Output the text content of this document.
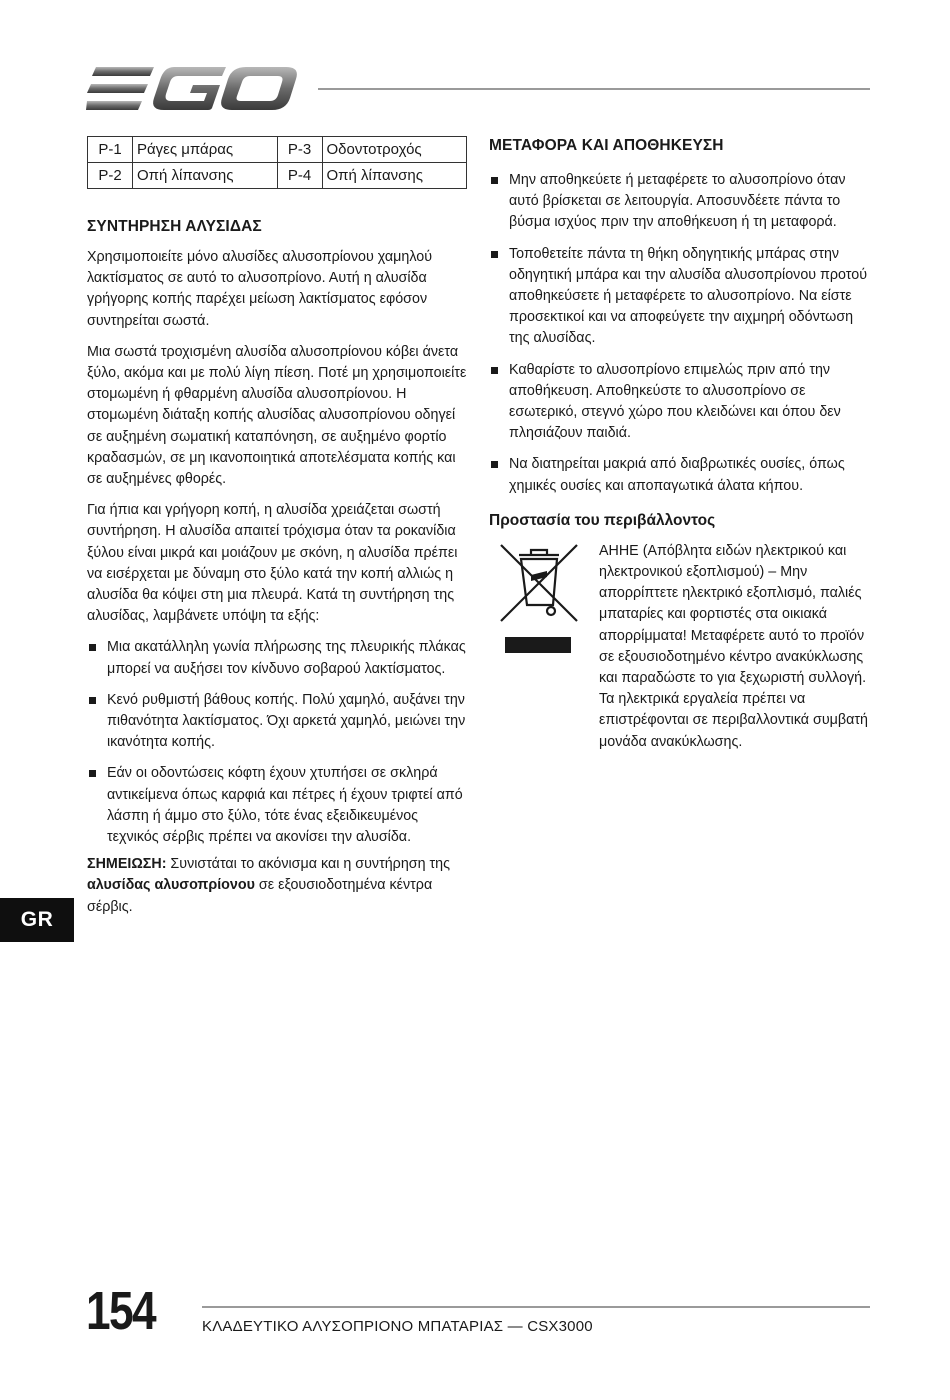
P-1	Ράγες μπάρας	P-3	Οδοντοτροχός
P-2	Οπή λίπανσης	P-4	Οπή λίπανσης
ΣΥΝΤΗΡΗΣΗ ΑΛΥΣΙΔΑΣ

Χρησιμοποιείτε μόνο αλυσίδες αλυσοπρίονου χαμηλού λακτίσματος σε αυτό το αλυσοπρίονο. Αυτή η αλυσίδα γρήγορης κοπής παρέχει μείωση λακτίσματος εφόσον συντηρείται σωστά.

Μια σωστά τροχισμένη αλυσίδα αλυσοπρίονου κόβει άνετα ξύλο, ακόμα και με πολύ λίγη πίεση. Ποτέ μη χρησιμοποιείτε στομωμένη ή φθαρμένη αλυσίδα αλυσοπρίονου. Η στομωμένη διάταξη κοπής αλυσίδας αλυσοπρίονου οδηγεί σε αυξημένη σωματική καταπόνηση, σε αυξημένο φορτίο κραδασμών, σε μη ικανοποιητικά αποτελέσματα κοπής και σε αυξημένες φθορές.

Για ήπια και γρήγορη κοπή, η αλυσίδα χρειάζεται σωστή συντήρηση. Η αλυσίδα απαιτεί τρόχισμα όταν τα ροκανίδια ξύλου είναι μικρά και μοιάζουν με σκόνη, η αλυσίδα πρέπει να εισέρχεται με δύναμη στο ξύλο κατά την κοπή αλλιώς η αλυσίδα θα κόψει στη μια πλευρά. Κατά τη συντήρηση της αλυσίδας, λαμβάνετε υπόψη τα εξής:

Μια ακατάλληλη γωνία πλήρωσης της πλευρικής πλάκας μπορεί να αυξήσει τον κίνδυνο σοβαρού λακτίσματος.
Κενό ρυθμιστή βάθους κοπής. Πολύ χαμηλό, αυξάνει την πιθανότητα λακτίσματος. Όχι αρκετά χαμηλό, μειώνει την ικανότητα κοπής.
Εάν οι οδοντώσεις κόφτη έχουν χτυπήσει σε σκληρά αντικείμενα όπως καρφιά και πέτρες ή έχουν τριφτεί από λάσπη ή άμμο στο ξύλο, τότε ένας εξειδικευμένος τεχνικός σέρβις πρέπει να ακονίσει την αλυσίδα.

ΣΗΜΕΙΩΣΗ: Συνιστάται το ακόνισμα και η συντήρηση της αλυσίδας αλυσοπρίονου σε εξουσιοδοτημένα κέντρα σέρβις.

ΜΕΤΑΦΟΡΑ ΚΑΙ ΑΠΟΘΗΚΕΥΣΗ
Μην αποθηκεύετε ή μεταφέρετε το αλυσοπρίονο όταν αυτό βρίσκεται σε λειτουργία. Αποσυνδέετε πάντα το βύσμα ισχύος πριν την αποθήκευση ή τη μεταφορά.
Τοποθετείτε πάντα τη θήκη οδηγητικής μπάρας στην οδηγητική μπάρα και την αλυσίδα αλυσοπρίονου προτού αποθηκεύσετε ή μεταφέρετε το αλυσοπρίονο. Να είστε προσεκτικοί και να αποφεύγετε την αιχμηρή οδόντωση της αλυσίδας.
Καθαρίστε το αλυσοπρίονο επιμελώς πριν από την αποθήκευση. Αποθηκεύστε το αλυσοπρίονο σε εσωτερικό, στεγνό χώρο που κλειδώνει και όπου δεν πλησιάζουν παιδιά.
Να διατηρείται μακριά από διαβρωτικές ουσίες, όπως χημικές ουσίες και αποπαγωτικά άλατα κήπου.
Προστασία του περιβάλλοντος
ΑΗΗΕ (Απόβλητα ειδών ηλεκτρικού και ηλεκτρονικού εξοπλισμού) – Μην απορρίπτετε ηλεκτρικό εξοπλισμό, παλιές μπαταρίες και φορτιστές στα οικιακά απορρίμματα! Μεταφέρετε αυτό το προϊόν σε εξουσιοδοτημένο κέντρο ανακύκλωσης και παραδώστε το για ξεχωριστή συλλογή. Τα ηλεκτρικά εργαλεία πρέπει να επιστρέφονται σε περιβαλλοντικά συμβατή μονάδα ανακύκλωσης.
GR
154	ΚΛΑΔΕΥΤΙΚΟ ΑΛΥΣΟΠΡΙΟΝΟ ΜΠΑΤΑΡΙΑΣ — CSX3000
